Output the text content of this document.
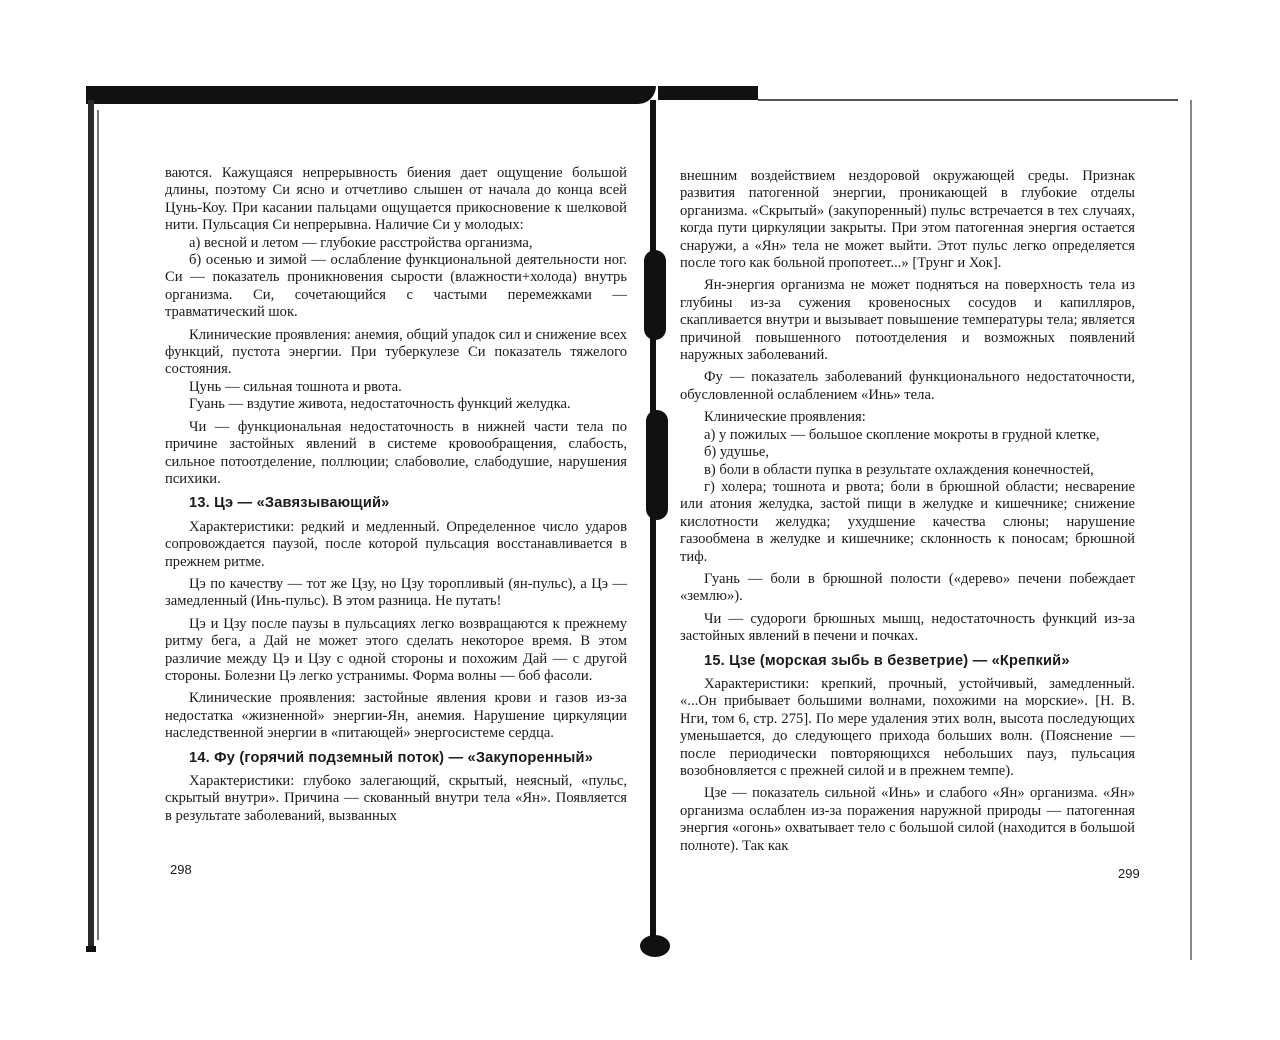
ваются. Кажущаяся непрерывность биения дает ощущение большой длины, поэтому Си ясно и отчетливо слышен от начала до конца всей Цунь-Коу. При касании пальцами ощущается прикосновение к шелковой нити. Пульсация Си непрерывна. Наличие Си у молодых:

а) весной и летом — глубокие расстройства организма,

б) осенью и зимой — ослабление функциональной деятельности ног. Си — показатель проникновения сырости (влажности+холода) внутрь организма. Си, сочетающийся с частыми перемежками — травматический шок.

Клинические проявления: анемия, общий упадок сил и снижение всех функций, пустота энергии. При туберкулезе Си показатель тяжелого состояния.

Цунь — сильная тошнота и рвота.

Гуань — вздутие живота, недостаточность функций желудка.

Чи — функциональная недостаточность в нижней части тела по причине застойных явлений в системе кровообращения, слабость, сильное потоотделение, поллюции; слабоволие, слабодушие, нарушения психики.

13. Цэ — «Завязывающий»

Характеристики: редкий и медленный. Определенное число ударов сопровождается паузой, после которой пульсация восстанавливается в прежнем ритме.

Цэ по качеству — тот же Цзу, но Цзу торопливый (ян-пульс), а Цэ — замедленный (Инь-пульс). В этом разница. Не путать!

Цэ и Цзу после паузы в пульсациях легко возвращаются к прежнему ритму бега, а Дай не может этого сделать некоторое время. В этом различие между Цэ и Цзу с одной стороны и похожим Дай — с другой стороны. Болезни Цэ легко устранимы. Форма волны — боб фасоли.

Клинические проявления: застойные явления крови и газов из-за недостатка «жизненной» энергии-Ян, анемия. Нарушение циркуляции наследственной энергии в «питающей» энергосистеме сердца.

14. Фу (горячий подземный поток) — «Закупоренный»

Характеристики: глубоко залегающий, скрытый, неясный, «пульс, скрытый внутри». Причина — скованный внутри тела «Ян». Появляется в результате заболеваний, вызванных

298

внешним воздействием нездоровой окружающей среды. Признак развития патогенной энергии, проникающей в глубокие отделы организма. «Скрытый» (закупоренный) пульс встречается в тех случаях, когда пути циркуляции закрыты. При этом патогенная энергия остается снаружи, а «Ян» тела не может выйти. Этот пульс легко определяется после того как больной пропотеет...» [Трунг и Хок].

Ян-энергия организма не может подняться на поверхность тела из глубины из-за сужения кровеносных сосудов и капилляров, скапливается внутри и вызывает повышение температуры тела; является причиной повышенного потоотделения и возможных появлений наружных заболеваний.

Фу — показатель заболеваний функционального недостаточности, обусловленной ослаблением «Инь» тела.

Клинические проявления:

а) у пожилых — большое скопление мокроты в грудной клетке,

б) удушье,

в) боли в области пупка в результате охлаждения конечностей,

г) холера; тошнота и рвота; боли в брюшной области; несварение или атония желудка, застой пищи в желудке и кишечнике; снижение кислотности желудка; ухудшение качества слюны; нарушение газообмена в желудке и кишечнике; склонность к поносам; брюшной тиф.

Гуань — боли в брюшной полости («дерево» печени побеждает «землю»).

Чи — судороги брюшных мышц, недостаточность функций из-за застойных явлений в печени и почках.

15. Цзе (морская зыбь в безветрие) — «Крепкий»

Характеристики: крепкий, прочный, устойчивый, замедленный. «...Он прибывает большими волнами, похожими на морские». [Н. В. Нги, том 6, стр. 275]. По мере удаления этих волн, высота последующих уменьшается, до следующего прихода больших волн. (Пояснение — после периодически повторяющихся небольших пауз, пульсация возобновляется с прежней силой и в прежнем темпе).

Цзе — показатель сильной «Инь» и слабого «Ян» организма. «Ян» организма ослаблен из-за поражения наружной природы — патогенная энергия «огонь» охватывает тело с большой силой (находится в большой полноте). Так как

299
